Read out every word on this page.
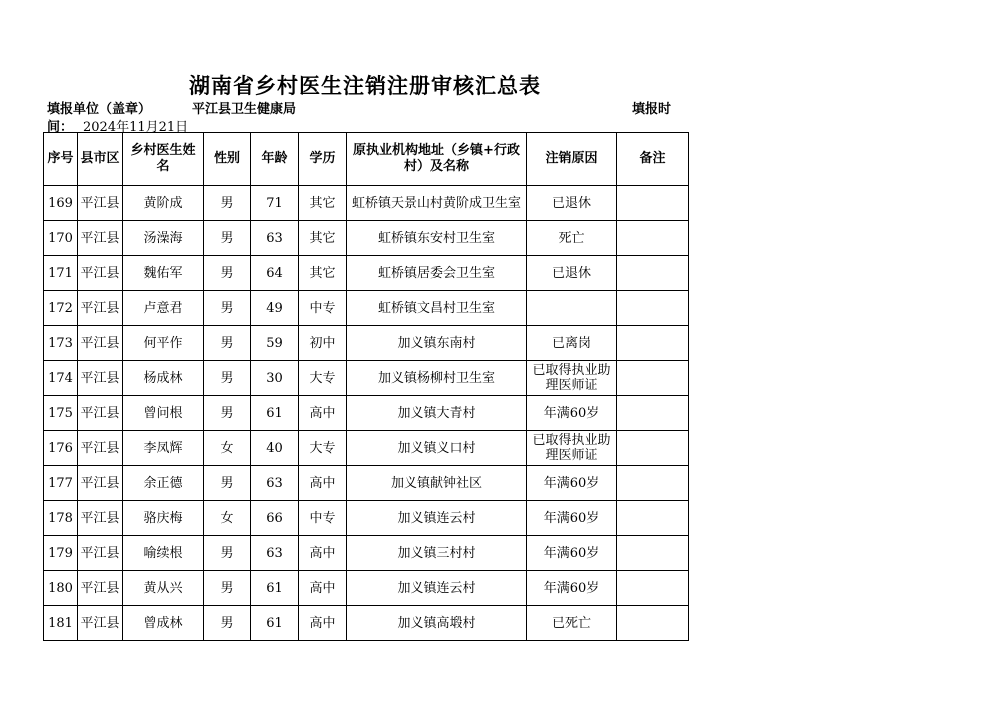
湖南省乡村医生注销注册审核汇总表
填报单位（盖章）	平江县卫生健康局	填报时
间： 2024年11月21日
序号	县市区	乡村医生姓名	性别	年龄	学历	原执业机构地址（乡镇+行政村）及名称	注销原因	备注
169	平江县	黄阶成	男	71	其它	虹桥镇天景山村黄阶成卫生室	已退休	
170	平江县	汤澡海	男	63	其它	虹桥镇东安村卫生室	死亡	
171	平江县	魏佑军	男	64	其它	虹桥镇居委会卫生室	已退休	
172	平江县	卢意君	男	49	中专	虹桥镇文昌村卫生室		
173	平江县	何平作	男	59	初中	加义镇东南村	已离岗	
174	平江县	杨成林	男	30	大专	加义镇杨柳村卫生室	已取得执业助理医师证	
175	平江县	曾问根	男	61	高中	加义镇大青村	年满60岁	
176	平江县	李凤辉	女	40	大专	加义镇义口村	已取得执业助理医师证	
177	平江县	余正德	男	63	高中	加义镇献钟社区	年满60岁	
178	平江县	骆庆梅	女	66	中专	加义镇连云村	年满60岁	
179	平江县	喻续根	男	63	高中	加义镇三村村	年满60岁	
180	平江县	黄从兴	男	61	高中	加义镇连云村	年满60岁	
181	平江县	曾成林	男	61	高中	加义镇高塅村	已死亡	
